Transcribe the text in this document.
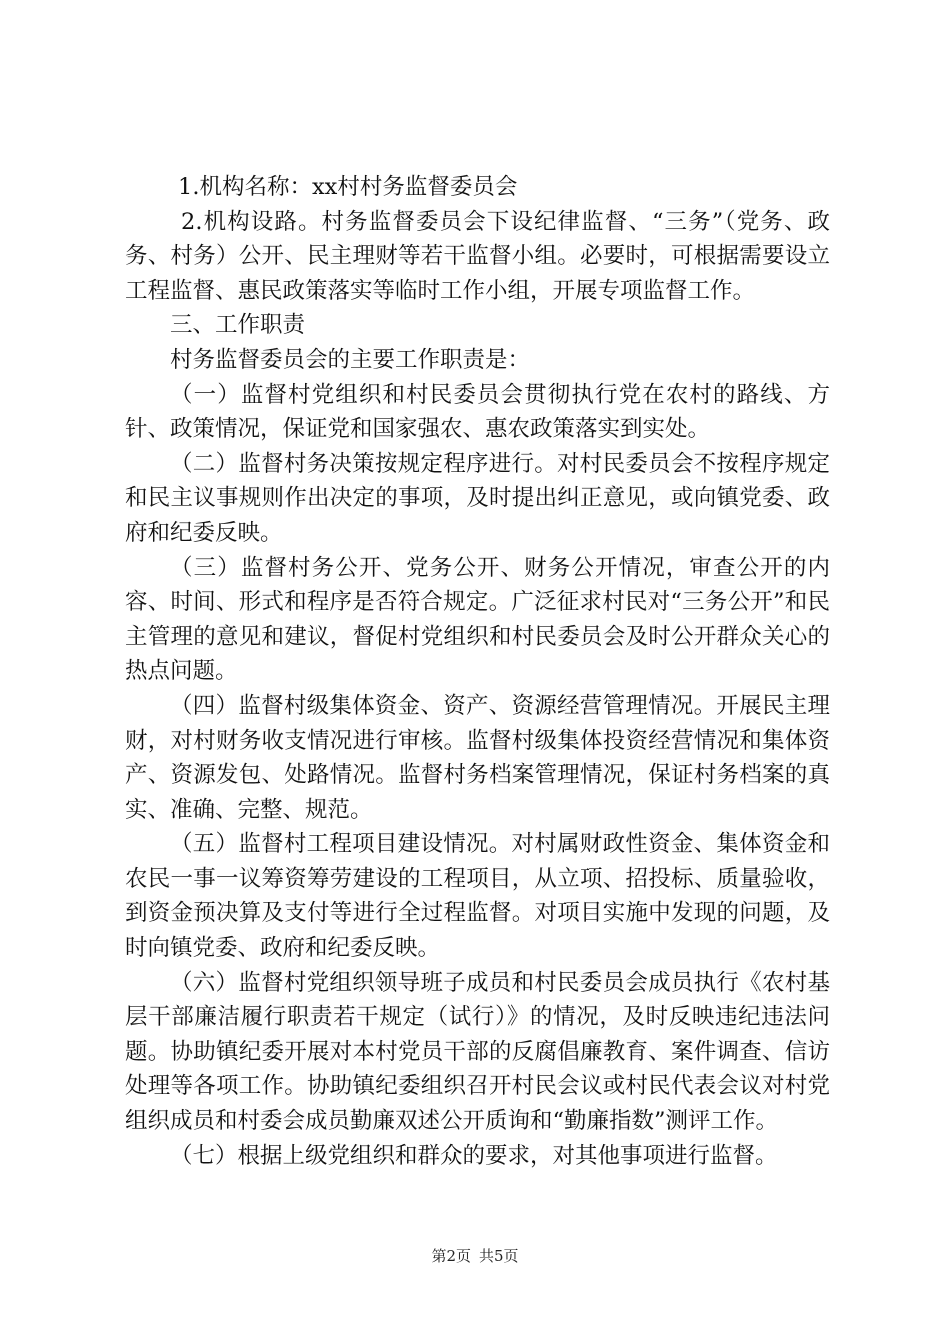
1.机构名称：xx村村务监督委员会

2.机构设路。村务监督委员会下设纪律监督、“三务”（党务、政务、村务）公开、民主理财等若干监督小组。必要时，可根据需要设立工程监督、惠民政策落实等临时工作小组，开展专项监督工作。

三、工作职责

村务监督委员会的主要工作职责是：

（一）监督村党组织和村民委员会贯彻执行党在农村的路线、方针、政策情况，保证党和国家强农、惠农政策落实到实处。

（二）监督村务决策按规定程序进行。对村民委员会不按程序规定和民主议事规则作出决定的事项，及时提出纠正意见，或向镇党委、政府和纪委反映。

（三）监督村务公开、党务公开、财务公开情况，审查公开的内容、时间、形式和程序是否符合规定。广泛征求村民对“三务公开”和民主管理的意见和建议，督促村党组织和村民委员会及时公开群众关心的热点问题。

（四）监督村级集体资金、资产、资源经营管理情况。开展民主理财，对村财务收支情况进行审核。监督村级集体投资经营情况和集体资产、资源发包、处路情况。监督村务档案管理情况，保证村务档案的真实、准确、完整、规范。

（五）监督村工程项目建设情况。对村属财政性资金、集体资金和农民一事一议筹资筹劳建设的工程项目，从立项、招投标、质量验收，到资金预决算及支付等进行全过程监督。对项目实施中发现的问题，及时向镇党委、政府和纪委反映。

（六）监督村党组织领导班子成员和村民委员会成员执行《农村基层干部廉洁履行职责若干规定（试行）》的情况，及时反映违纪违法问题。协助镇纪委开展对本村党员干部的反腐倡廉教育、案件调查、信访处理等各项工作。协助镇纪委组织召开村民会议或村民代表会议对村党组织成员和村委会成员勤廉双述公开质询和“勤廉指数”测评工作。

（七）根据上级党组织和群众的要求，对其他事项进行监督。

第2页 共5页
